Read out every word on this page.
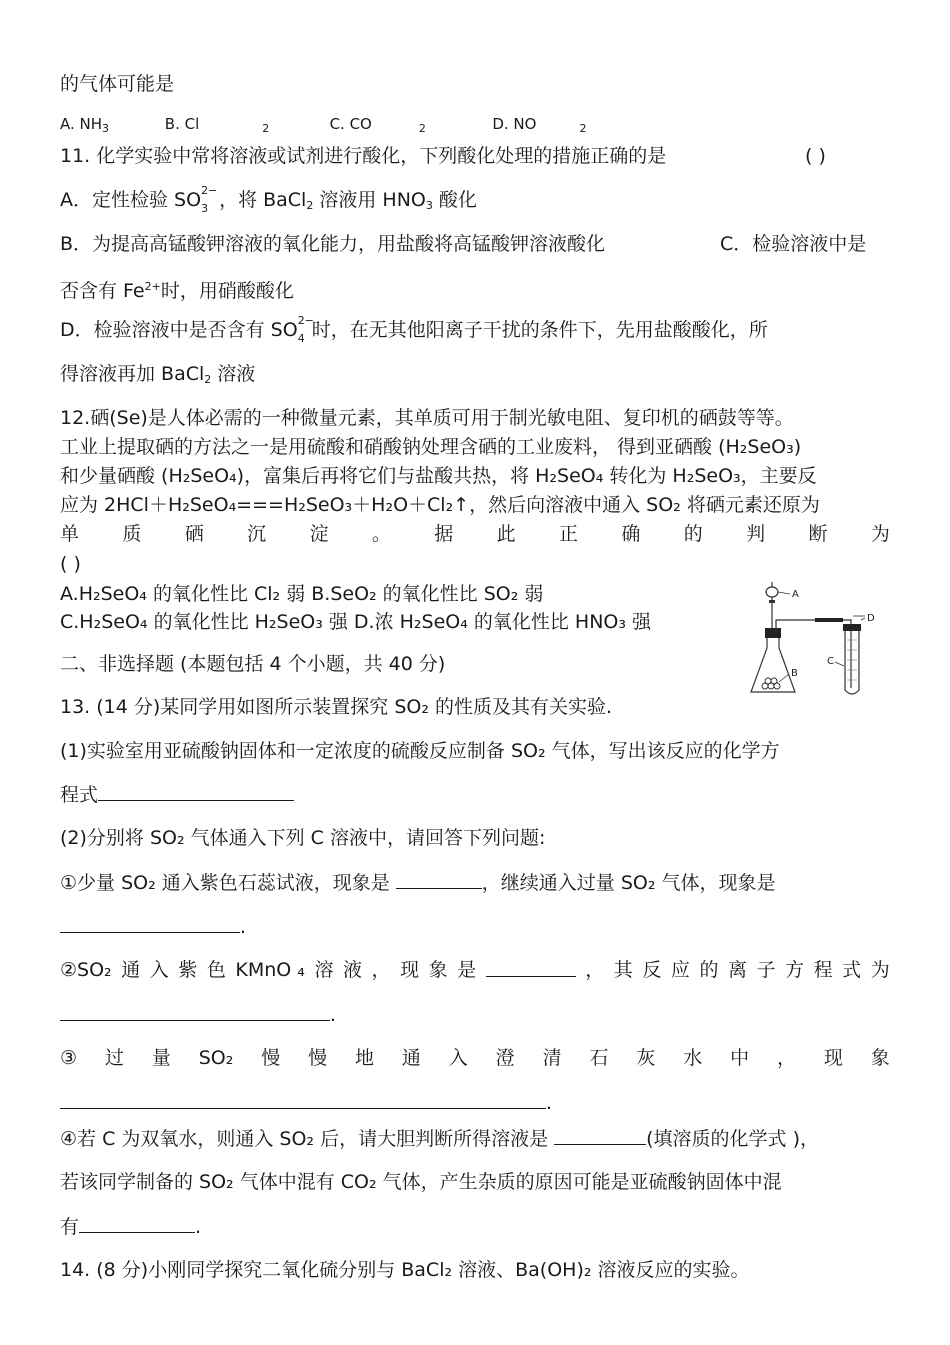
的气体可能是
A. $NH_3$	B. Cl	$_2$	C. CO	$_2$	D. NO	$_2$
11. 化学实验中常将溶液或试剂进行酸化，下列酸化处理的措施正确的是	( )
A．定性检验 SO 2−
3 ，将 BaCl$_2$ 溶液用 $HNO_3$ 酸化
B．为提高高锰酸钾溶液的氧化能力，用盐酸将高锰酸钾溶液酸化	C．检验溶液中是
否含有 $Fe^{2+}$时，用硝酸酸化
D．检验溶液中是否含有 SO 2−
4 时，在无其他阳离子干扰的条件下，先用盐酸酸化，所
得溶液再加 BaCl$_2$ 溶液
12.硒(Se)是人体必需的一种微量元素，其单质可用于制光敏电阻、复印机的硒鼓等等。
工业上提取硒的方法之一是用硫酸和硝酸钠处理含硒的工业废料， 得到亚硒酸 (H₂SeO₃)
和少量硒酸 (H₂SeO₄)，富集后再将它们与盐酸共热，将 H₂SeO₄ 转化为 H₂SeO₃，主要反
应为 2HCl＋H₂SeO₄===H₂SeO₃＋H₂O＋Cl₂↑，然后向溶液中通入 SO₂ 将硒元素还原为
单 质 硒 沉 淀 。 据 此 正 确 的 判 断 为
( )
A.H₂SeO₄ 的氧化性比 Cl₂ 弱 B.SeO₂ 的氧化性比 SO₂ 弱
C.H₂SeO₄ 的氧化性比 H₂SeO₃ 强 D.浓 H₂SeO₄ 的氧化性比 HNO₃ 强
A
B
D
C
二、非选择题 (本题包括 4 个小题，共 40 分)
13. (14 分)某同学用如图所示装置探究 SO₂ 的性质及其有关实验.
(1)实验室用亚硫酸钠固体和一定浓度的硫酸反应制备 SO₂ 气体，写出该反应的化学方
程式
(2)分别将 SO₂ 气体通入下列 C 溶液中，请回答下列问题:
①少量 SO₂ 通入紫色石蕊试液，现象是	，继续通入过量 SO₂ 气体，现象是
.
②SO₂ 通 入 紫 色 KMnO ₄ 溶 液 ， 现 象 是	， 其 反 应 的 离 子 方 程 式 为
.
③ 过 量 SO₂ 慢 慢 地 通 入 澄 清 石 灰 水 中 ， 现 象
.
④若 C 为双氧水，则通入 SO₂ 后，请大胆判断所得溶液是	(填溶质的化学式 )，
若该同学制备的 SO₂ 气体中混有 CO₂ 气体，产生杂质的原因可能是亚硫酸钠固体中混
有	.
14. (8 分)小刚同学探究二氧化硫分别与 BaCl₂ 溶液、Ba(OH)₂ 溶液反应的实验。
